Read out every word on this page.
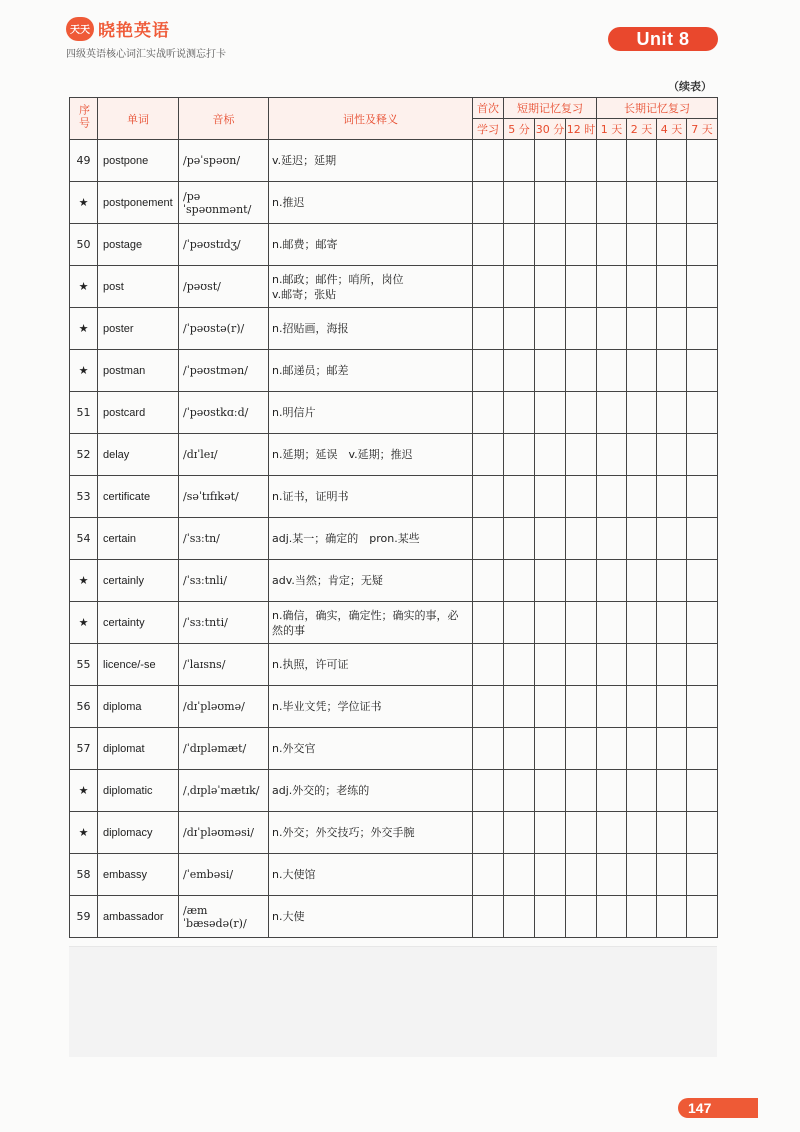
天天 晓艳英语
四级英语核心词汇实战听说测忘打卡
Unit 8
（续表）
序号	单词	音标	词性及释义	首次	短期记忆复习			长期记忆复习			
				学习	5 分	30 分	12 时	1 天	2 天	4 天	7 天
49	postpone	/pəˈspəʊn/	v.延迟；延期								

★	postponement	/pəˈspəʊnmənt/	n.推迟								

50	postage	/ˈpəʊstɪdʒ/	n.邮费；邮寄								

★	post	/pəʊst/	n.邮政；邮件；哨所，岗位
v.邮寄；张贴								

★	poster	/ˈpəʊstə(r)/	n.招贴画，海报								

★	postman	/ˈpəʊstmən/	n.邮递员；邮差								

51	postcard	/ˈpəʊstkɑːd/	n.明信片								

52	delay	/dɪˈleɪ/	n.延期；延误　v.延期；推迟								

53	certificate	/səˈtɪfɪkət/	n.证书，证明书								

54	certain	/ˈsɜːtn/	adj.某一；确定的　pron.某些								

★	certainly	/ˈsɜːtnli/	adv.当然；肯定；无疑								

★	certainty	/ˈsɜːtnti/	n.确信，确实，确定性；确实的事，必
然的事								

55	licence/-se	/ˈlaɪsns/	n.执照，许可证								

56	diploma	/dɪˈpləʊmə/	n.毕业文凭；学位证书								

57	diplomat	/ˈdɪpləmæt/	n.外交官								

★	diplomatic	/ˌdɪpləˈmætɪk/	adj.外交的；老练的								

★	diplomacy	/dɪˈpləʊməsi/	n.外交；外交技巧；外交手腕								

58	embassy	/ˈembəsi/	n.大使馆								

59	ambassador	/æmˈbæsədə(r)/	n.大使								

147
